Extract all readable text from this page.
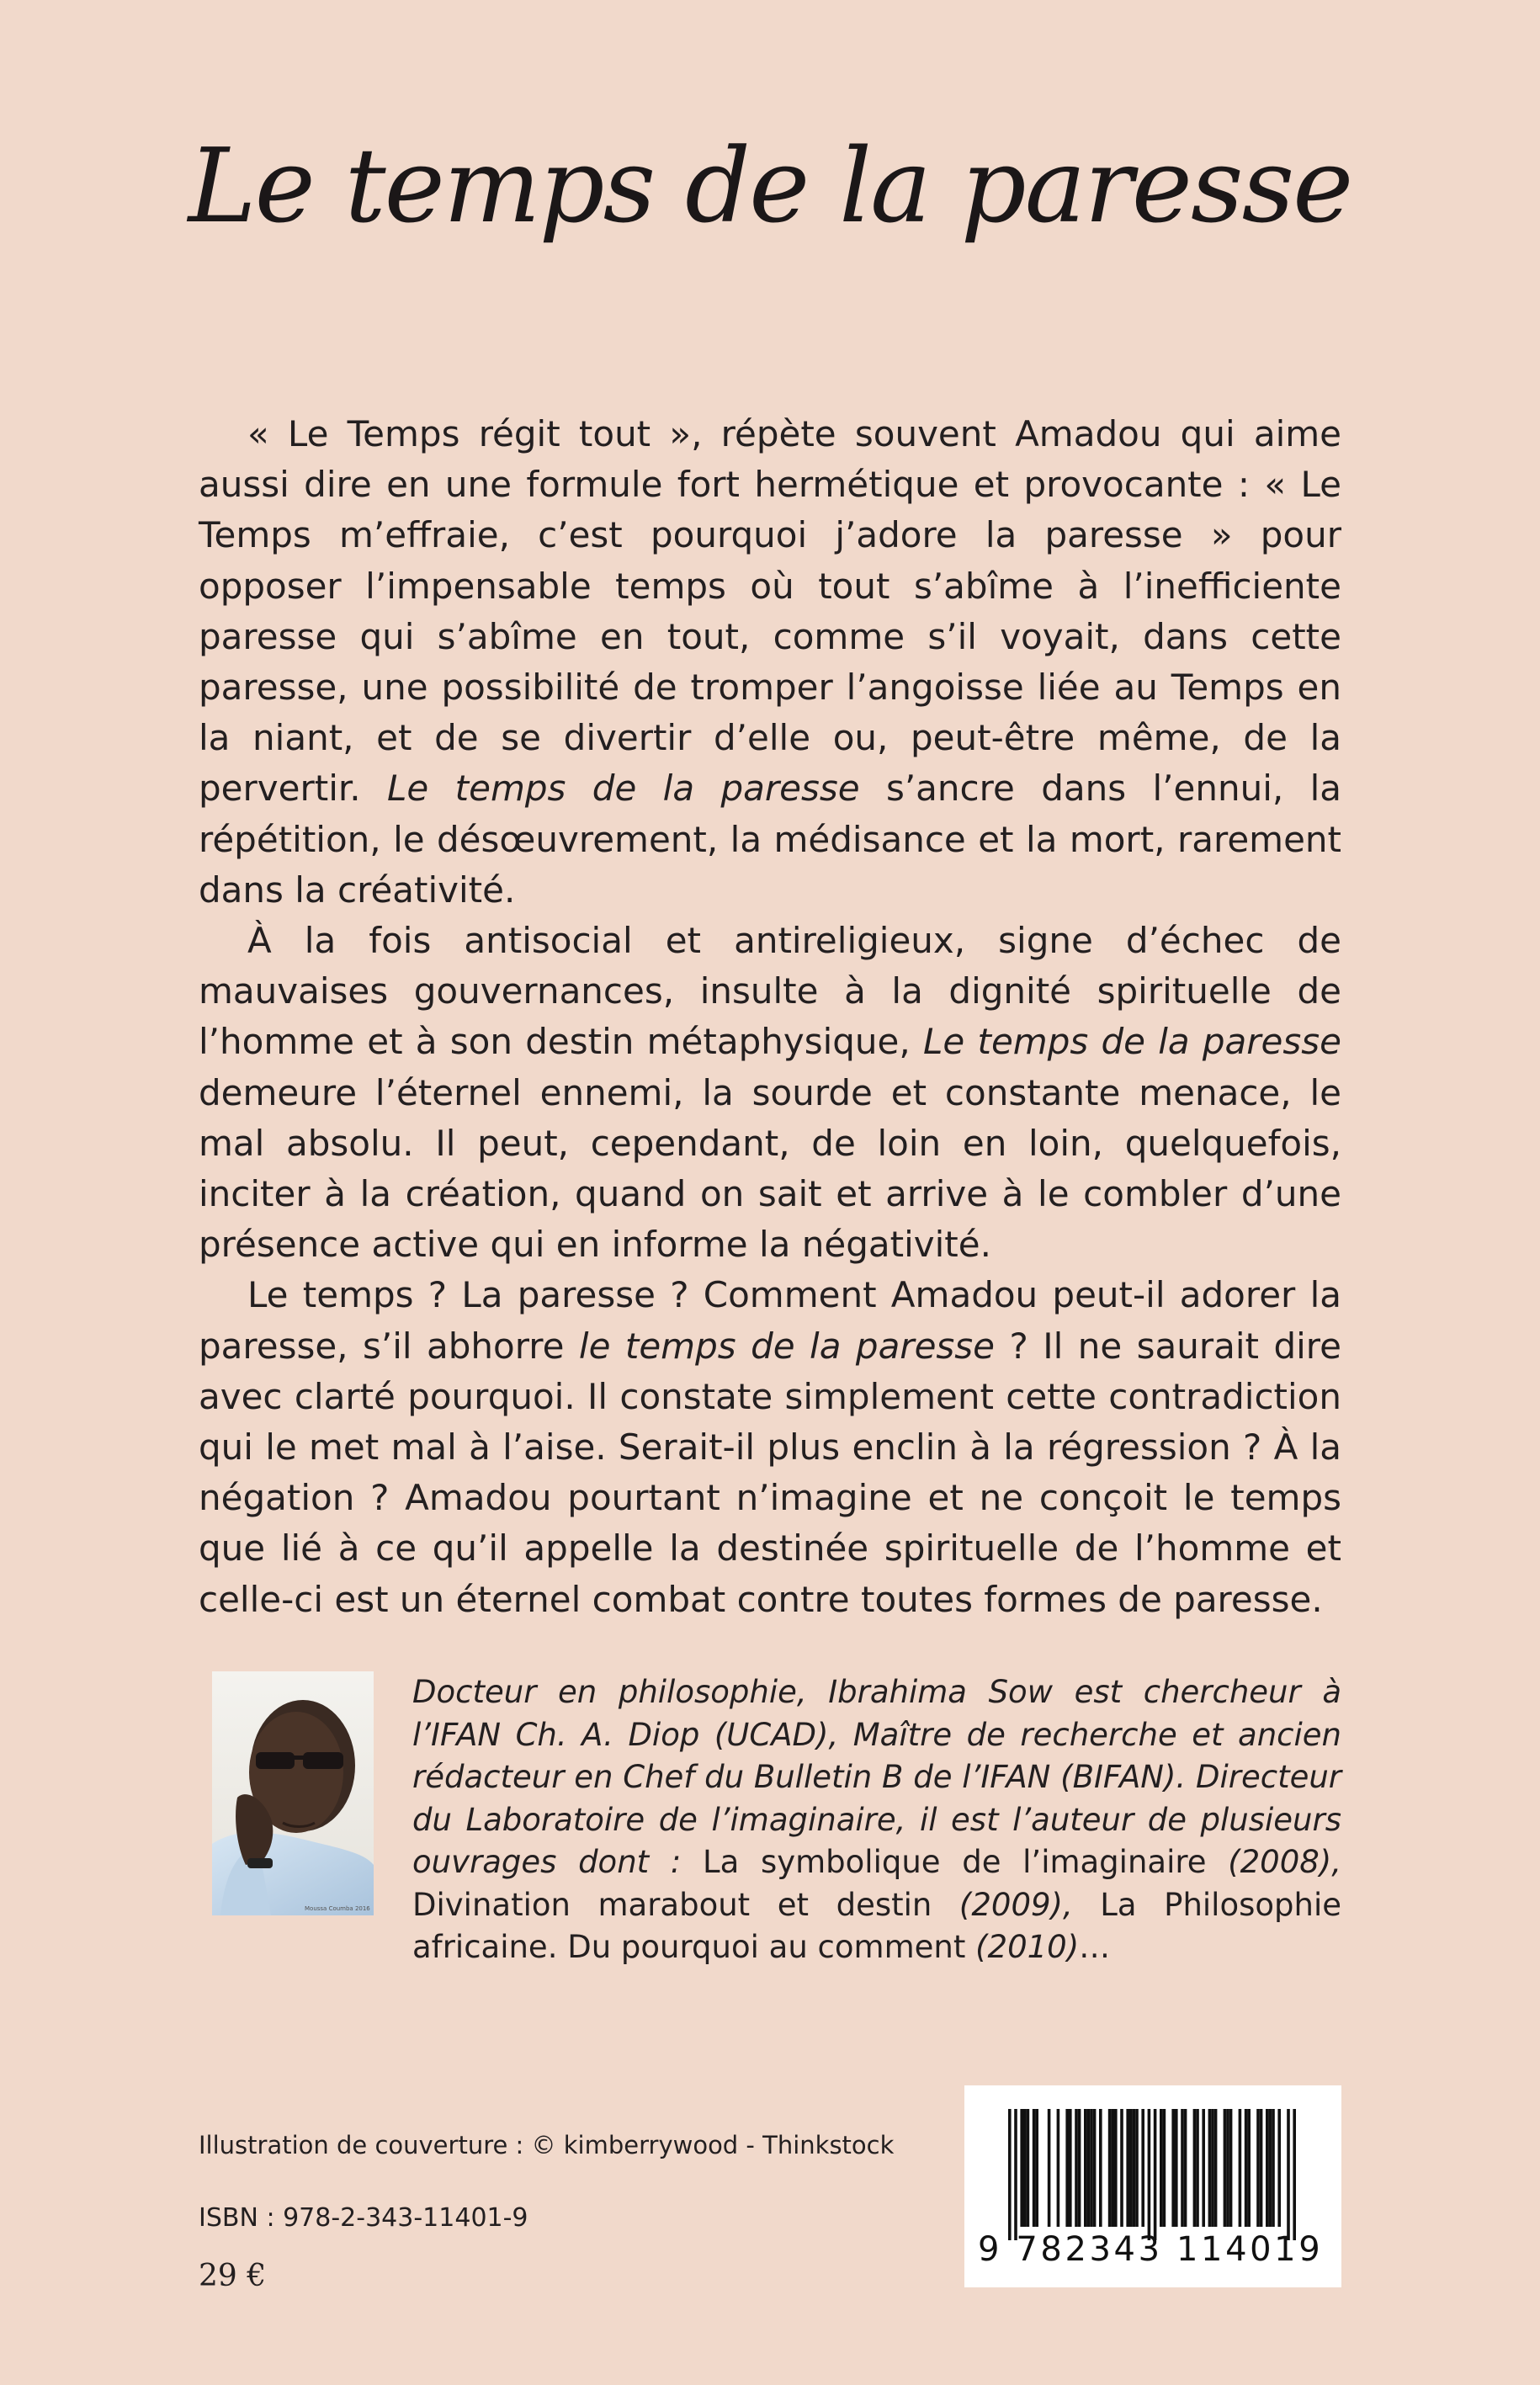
Le temps de la paresse

« Le Temps régit tout », répète souvent Amadou qui aime aussi dire en une formule fort hermétique et provocante : « Le Temps m’effraie, c’est pourquoi j’adore la paresse » pour opposer l’impensable temps où tout s’abîme à l’inefficiente paresse qui s’abîme en tout, comme s’il voyait, dans cette paresse, une possibilité de tromper l’angoisse liée au Temps en la niant, et de se divertir d’elle ou, peut-être même, de la pervertir. Le temps de la paresse s’ancre dans l’ennui, la répétition, le désœuvrement, la médisance et la mort, rarement dans la créativité.

À la fois antisocial et antireligieux, signe d’échec de mauvaises gouvernances, insulte à la dignité spirituelle de l’homme et à son destin métaphysique, Le temps de la paresse demeure l’éternel ennemi, la sourde et constante menace, le mal absolu. Il peut, cependant, de loin en loin, quelquefois, inciter à la création, quand on sait et arrive à le combler d’une présence active qui en informe la négativité.

Le temps ? La paresse ? Comment Amadou peut-il adorer la paresse, s’il abhorre le temps de la paresse ? Il ne saurait dire avec clarté pourquoi. Il constate simplement cette contradiction qui le met mal à l’aise. Serait-il plus enclin à la régression ? À la négation ? Amadou pourtant n’imagine et ne conçoit le temps que lié à ce qu’il appelle la destinée spirituelle de l’homme et celle-ci est un éternel combat contre toutes formes de paresse.

Moussa Coumba 2016

Docteur en philosophie, Ibrahima Sow est chercheur à l’IFAN Ch. A. Diop (UCAD), Maître de recherche et ancien rédacteur en Chef du Bulletin B de l’IFAN (BIFAN). Directeur du Laboratoire de l’imaginaire, il est l’auteur de plusieurs ouvrages dont : La symbolique de l’imaginaire (2008), Divination marabout et destin (2009), La Philosophie africaine. Du pourquoi au comment (2010)…

Illustration de couverture : © kimberrywood - Thinkstock

ISBN : 978-2-343-11401-9

29 €

9 782343 114019
